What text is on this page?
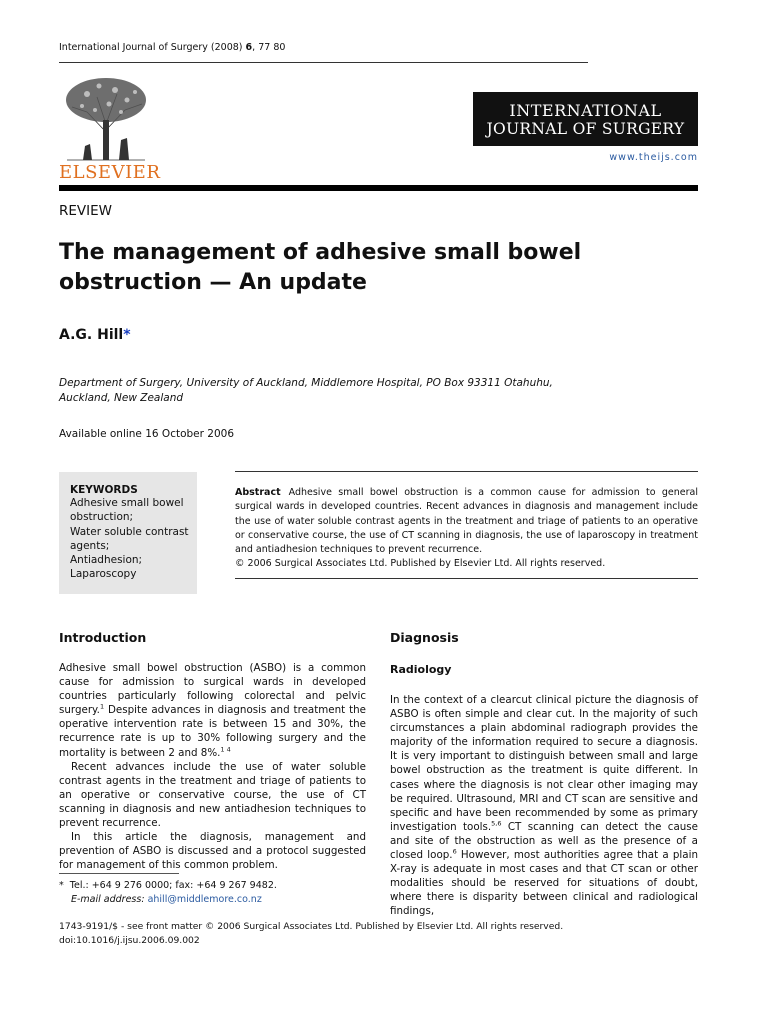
International Journal of Surgery (2008) 6, 77 80
ELSEVIER
INTERNATIONAL
JOURNAL OF SURGERY
www.theijs.com
REVIEW
The management of adhesive small bowel obstruction — An update
A.G. Hill*
Department of Surgery, University of Auckland, Middlemore Hospital, PO Box 93311 Otahuhu,
Auckland, New Zealand
Available online 16 October 2006
KEYWORDS
Adhesive small bowel
obstruction;
Water soluble contrast
agents;
Antiadhesion;
Laparoscopy
Abstract Adhesive small bowel obstruction is a common cause for admission to general surgical wards in developed countries. Recent advances in diagnosis and management include the use of water soluble contrast agents in the treatment and triage of patients to an operative or conservative course, the use of CT scanning in diagnosis, the use of laparoscopy in treatment and antiadhesion techniques to prevent recurrence.
© 2006 Surgical Associates Ltd. Published by Elsevier Ltd. All rights reserved.
Introduction

Adhesive small bowel obstruction (ASBO) is a common cause for admission to surgical wards in developed countries particularly following colorectal and pelvic surgery.$^1$ Despite advances in diagnosis and treatment the operative intervention rate is between 15 and 30%, the recurrence rate is up to 30% following surgery and the mortality is between 2 and 8%.$^{1 4}$

Recent advances include the use of water soluble contrast agents in the treatment and triage of patients to an operative or conservative course, the use of CT scanning in diagnosis and new antiadhesion techniques to prevent recurrence.

In this article the diagnosis, management and prevention of ASBO is discussed and a protocol suggested for management of this common problem.

Diagnosis
Radiology

In the context of a clearcut clinical picture the diagnosis of ASBO is often simple and clear cut. In the majority of such circumstances a plain abdominal radiograph provides the majority of the information required to secure a diagnosis. It is very important to distinguish between small and large bowel obstruction as the treatment is quite different. In cases where the diagnosis is not clear other imaging may be required. Ultrasound, MRI and CT scan are sensitive and specific and have been recommended by some as primary investigation tools.$^{5,6}$ CT scanning can detect the cause and site of the obstruction as well as the presence of a closed loop.$^6$ However, most authorities agree that a plain X-ray is adequate in most cases and that CT scan or other modalities should be reserved for situations of doubt, where there is disparity between clinical and radiological findings,

* Tel.: +64 9 276 0000; fax: +64 9 267 9482.
E-mail address: ahill@middlemore.co.nz
1743-9191/$ - see front matter © 2006 Surgical Associates Ltd. Published by Elsevier Ltd. All rights reserved.
doi:10.1016/j.ijsu.2006.09.002
